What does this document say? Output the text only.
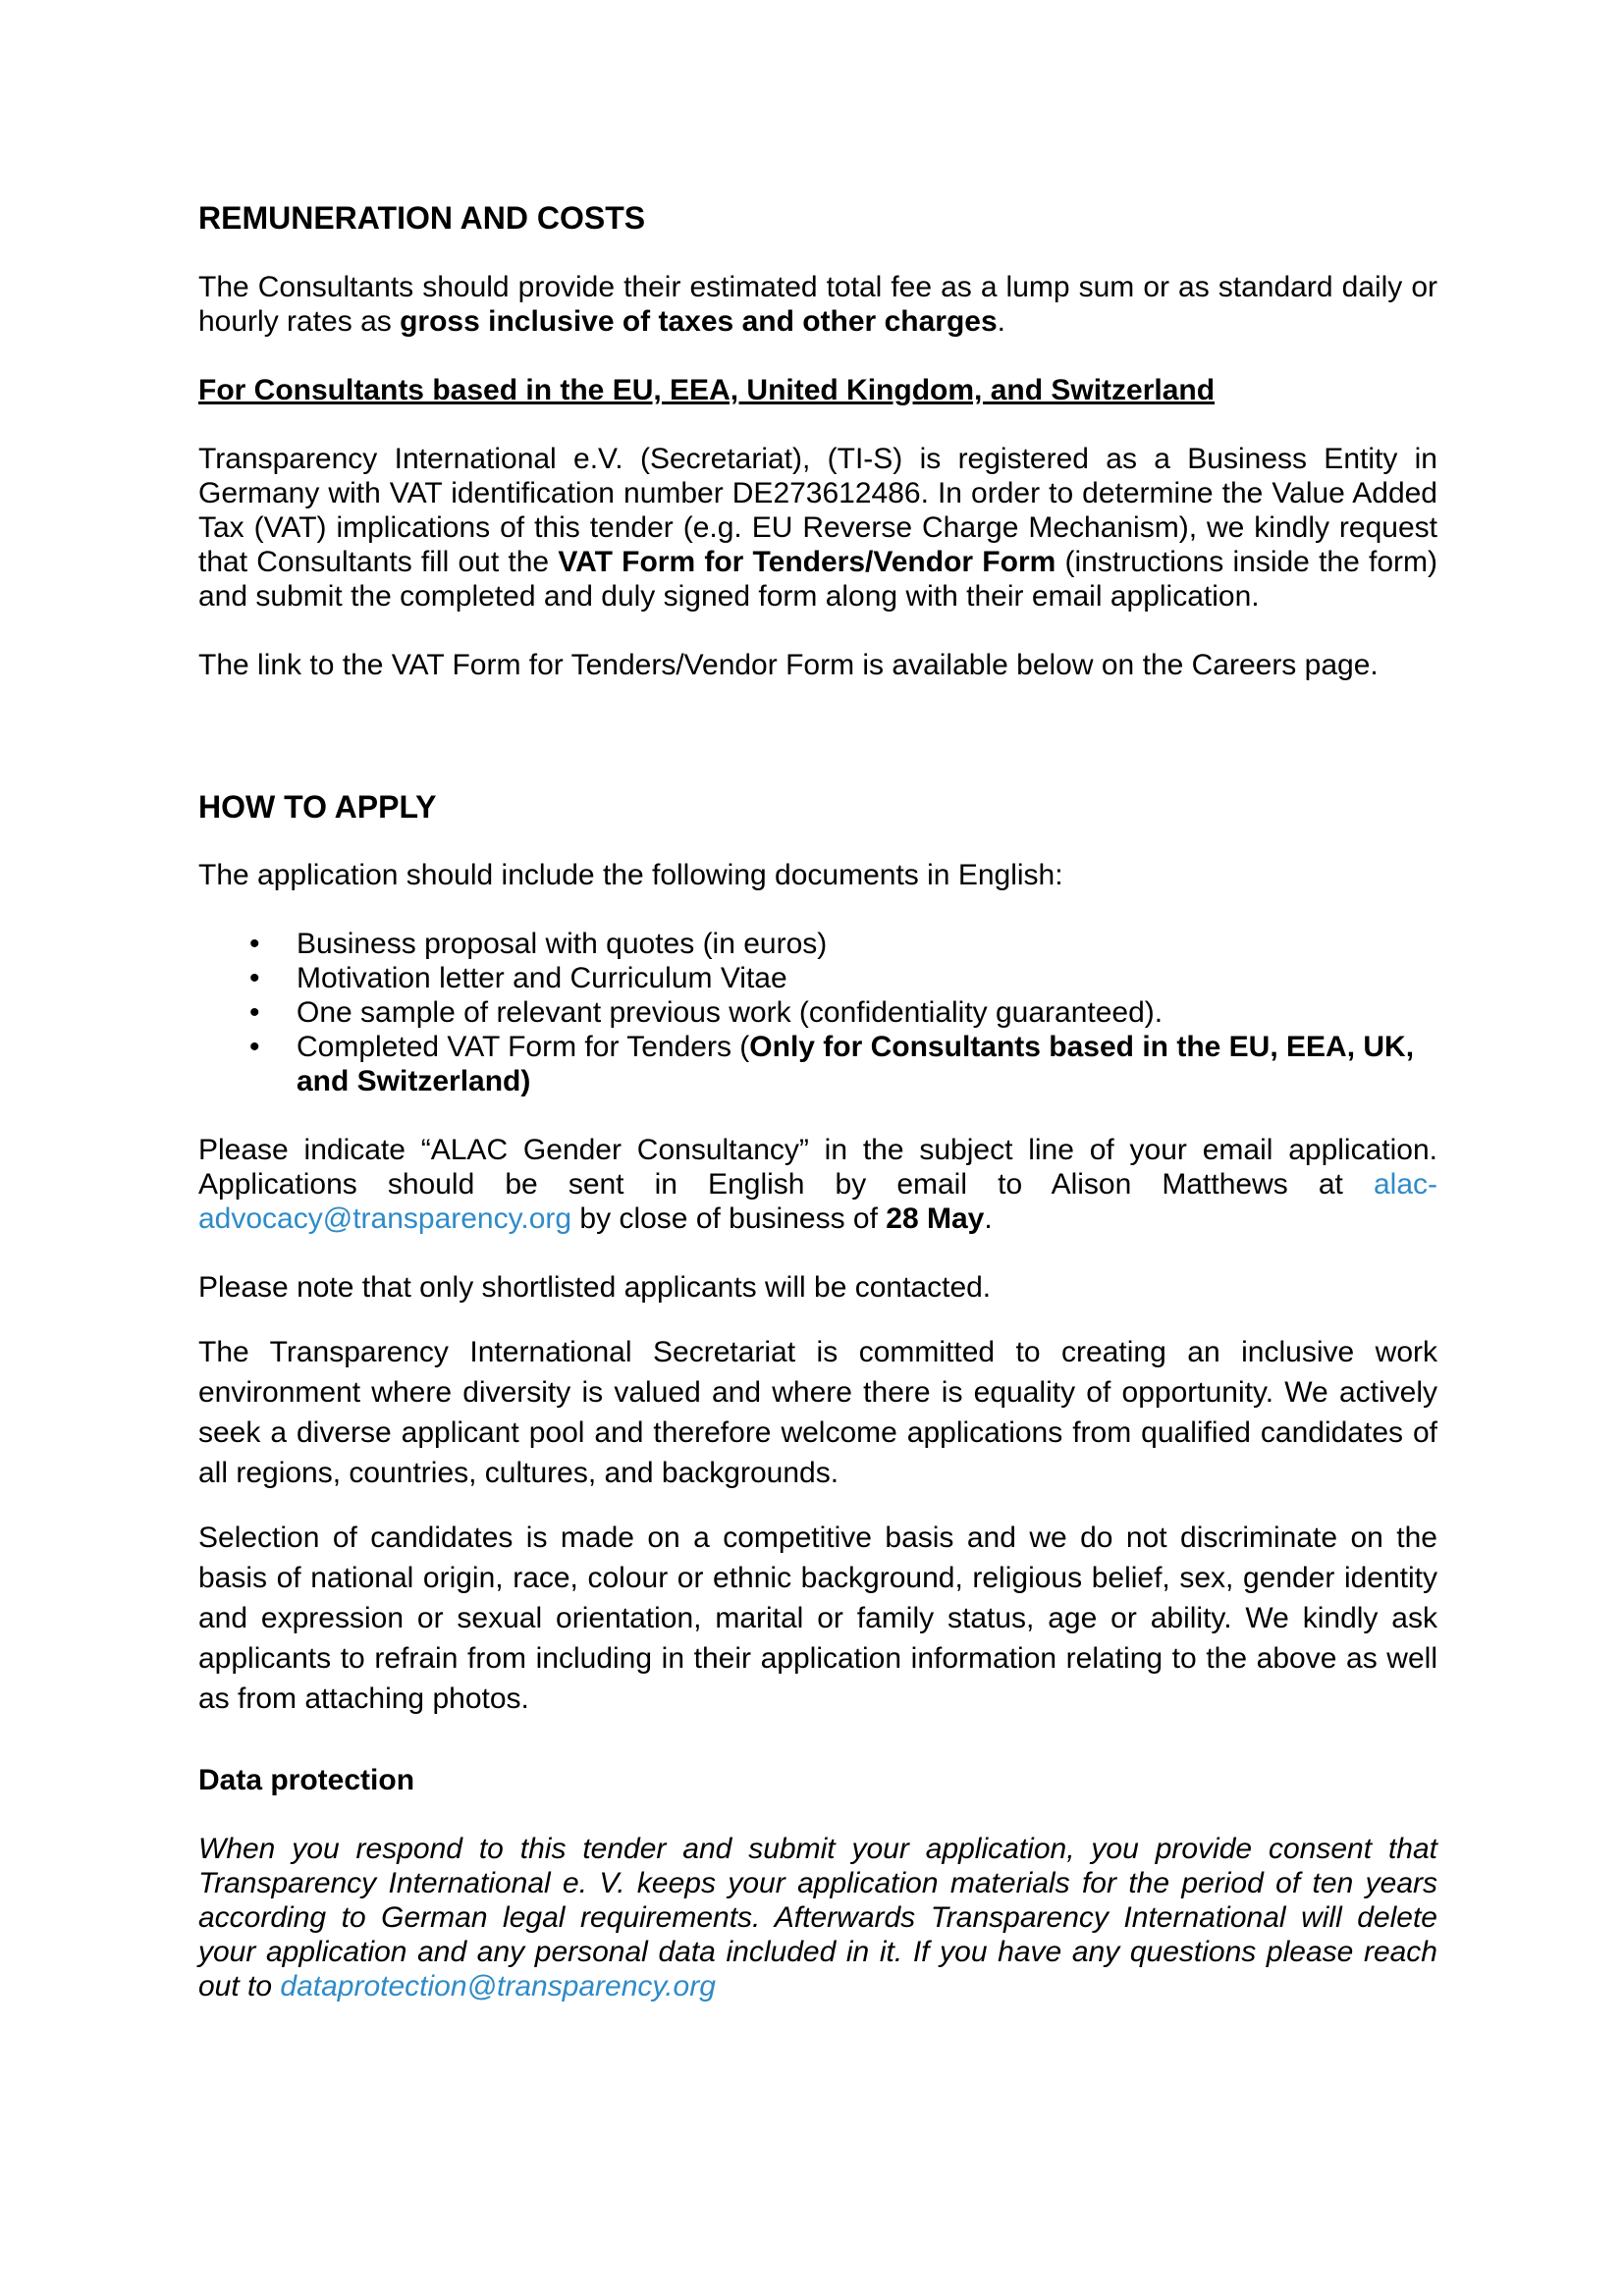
REMUNERATION AND COSTS

The Consultants should provide their estimated total fee as a lump sum or as standard daily or hourly rates as gross inclusive of taxes and other charges.

For Consultants based in the EU, EEA, United Kingdom, and Switzerland

Transparency International e.V. (Secretariat), (TI-S) is registered as a Business Entity in Germany with VAT identification number DE273612486. In order to determine the Value Added Tax (VAT) implications of this tender (e.g. EU Reverse Charge Mechanism), we kindly request that Consultants fill out the VAT Form for Tenders/Vendor Form (instructions inside the form) and submit the completed and duly signed form along with their email application.

The link to the VAT Form for Tenders/Vendor Form is available below on the Careers page.

HOW TO APPLY

The application should include the following documents in English:

• Business proposal with quotes (in euros)
• Motivation letter and Curriculum Vitae
• One sample of relevant previous work (confidentiality guaranteed).
• Completed VAT Form for Tenders (Only for Consultants based in the EU, EEA, UK, and Switzerland)

Please indicate “ALAC Gender Consultancy” in the subject line of your email application. Applications should be sent in English by email to Alison Matthews at alac-advocacy@transparency.org by close of business of 28 May.

Please note that only shortlisted applicants will be contacted.

The Transparency International Secretariat is committed to creating an inclusive work environment where diversity is valued and where there is equality of opportunity. We actively seek a diverse applicant pool and therefore welcome applications from qualified candidates of all regions, countries, cultures, and backgrounds.

Selection of candidates is made on a competitive basis and we do not discriminate on the basis of national origin, race, colour or ethnic background, religious belief, sex, gender identity and expression or sexual orientation, marital or family status, age or ability. We kindly ask applicants to refrain from including in their application information relating to the above as well as from attaching photos.

Data protection

When you respond to this tender and submit your application, you provide consent that Transparency International e. V. keeps your application materials for the period of ten years according to German legal requirements. Afterwards Transparency International will delete your application and any personal data included in it. If you have any questions please reach out to dataprotection@transparency.org
